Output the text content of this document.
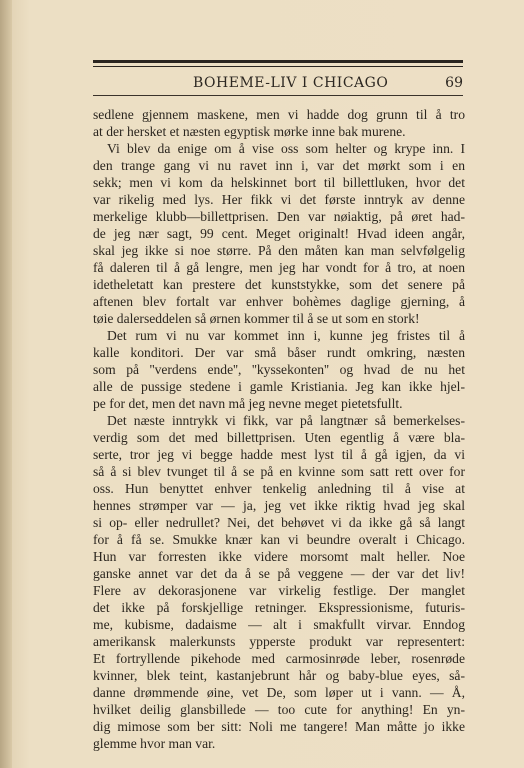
BOHEME-LIV I CHICAGO	69
sedlene gjennem maskene, men vi hadde dog grunn til å tro
at der hersket et næsten egyptisk mørke inne bak murene.
Vi blev da enige om å vise oss som helter og krype inn. I
den trange gang vi nu ravet inn i, var det mørkt som i en
sekk; men vi kom da helskinnet bort til billettluken, hvor det
var rikelig med lys. Her fikk vi det første inntryk av denne
merkelige klubb—billettprisen. Den var nøiaktig, på øret had-
de jeg nær sagt, 99 cent. Meget originalt! Hvad ideen angår,
skal jeg ikke si noe større. På den måten kan man selvfølgelig
få daleren til å gå lengre, men jeg har vondt for å tro, at noen
idetheletatt kan prestere det kunststykke, som det senere på
aftenen blev fortalt var enhver bohèmes daglige gjerning, å
tøie dalerseddelen så ørnen kommer til å se ut som en stork!
Det rum vi nu var kommet inn i, kunne jeg fristes til å
kalle konditori. Der var små båser rundt omkring, næsten
som på ''verdens ende'', ''kyssekonten'' og hvad de nu het
alle de pussige stedene i gamle Kristiania. Jeg kan ikke hjel-
pe for det, men det navn må jeg nevne meget pietetsfullt.
Det næste inntrykk vi fikk, var på langtnær så bemerkelses-
verdig som det med billettprisen. Uten egentlig å være bla-
serte, tror jeg vi begge hadde mest lyst til å gå igjen, da vi
så å si blev tvunget til å se på en kvinne som satt rett over for
oss. Hun benyttet enhver tenkelig anledning til å vise at
hennes strømper var — ja, jeg vet ikke riktig hvad jeg skal
si op- eller nedrullet? Nei, det behøvet vi da ikke gå så langt
for å få se. Smukke knær kan vi beundre overalt i Chicago.
Hun var forresten ikke videre morsomt malt heller. Noe
ganske annet var det da å se på veggene — der var det liv!
Flere av dekorasjonene var virkelig festlige. Der manglet
det ikke på forskjellige retninger. Ekspressionisme, futuris-
me, kubisme, dadaisme — alt i smakfullt virvar. Enndog
amerikansk malerkunsts ypperste produkt var representert:
Et fortryllende pikehode med carmosinrøde leber, rosenrøde
kvinner, blek teint, kastanjebrunt hår og baby-blue eyes, så-
danne drømmende øine, vet De, som løper ut i vann. — Å,
hvilket deilig glansbillede — too cute for anything! En yn-
dig mimose som ber sitt: Noli me tangere! Man måtte jo ikke
glemme hvor man var.
